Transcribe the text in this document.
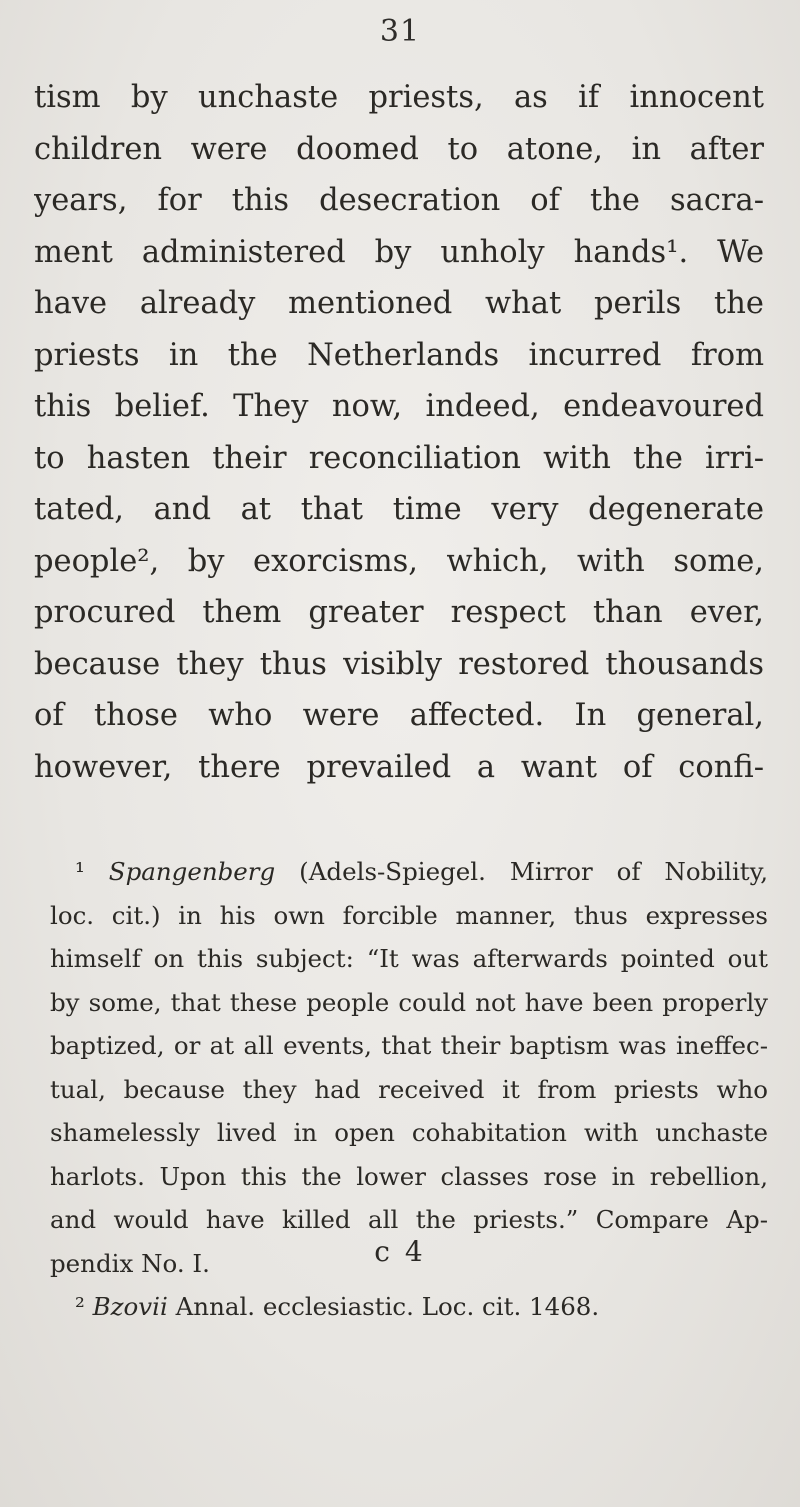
31
tism by unchaste priests, as if innocent
children were doomed to atone, in after
years, for this desecration of the sacra-
ment administered by unholy hands¹. We
have already mentioned what perils the
priests in the Netherlands incurred from
this belief. They now, indeed, endeavoured
to hasten their reconciliation with the irri-
tated, and at that time very degenerate
people², by exorcisms, which, with some,
procured them greater respect than ever,
because they thus visibly restored thousands
of those who were affected. In general,
however, there prevailed a want of confi-
¹ Spangenberg (Adels-Spiegel. Mirror of Nobility,
loc. cit.) in his own forcible manner, thus expresses
himself on this subject: “It was afterwards pointed out
by some, that these people could not have been properly
baptized, or at all events, that their baptism was ineffec-
tual, because they had received it from priests who
shamelessly lived in open cohabitation with unchaste
harlots. Upon this the lower classes rose in rebellion,
and would have killed all the priests.” Compare Ap-
pendix No. I.
² Bzovii Annal. ecclesiastic. Loc. cit. 1468.
c 4
